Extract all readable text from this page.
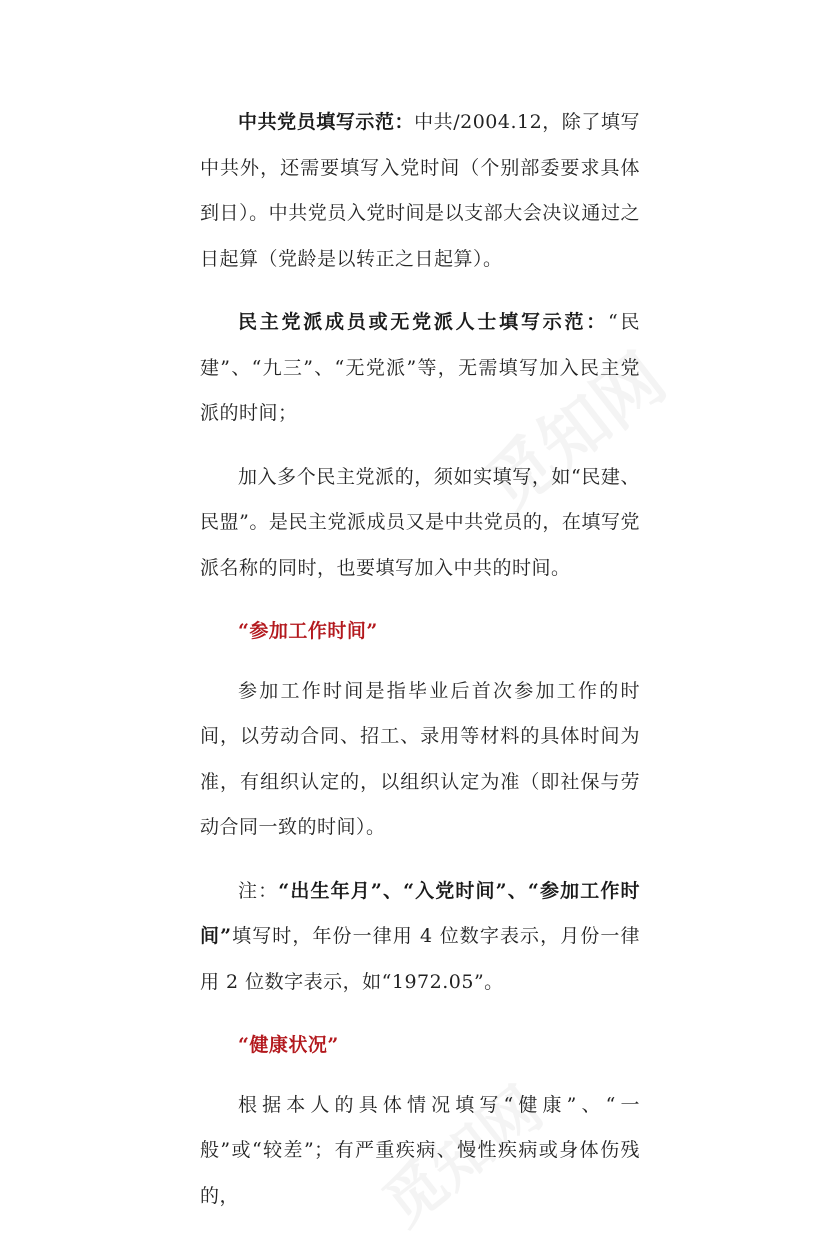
中共党员填写示范：中共/2004.12，除了填写中共外，还需要填写入党时间（个别部委要求具体到日）。中共党员入党时间是以支部大会决议通过之日起算（党龄是以转正之日起算）。

民主党派成员或无党派人士填写示范：“民建”、“九三”、“无党派”等，无需填写加入民主党派的时间；

加入多个民主党派的，须如实填写，如“民建、民盟”。是民主党派成员又是中共党员的，在填写党派名称的同时，也要填写加入中共的时间。

“参加工作时间”

参加工作时间是指毕业后首次参加工作的时间，以劳动合同、招工、录用等材料的具体时间为准，有组织认定的，以组织认定为准（即社保与劳动合同一致的时间）。

注：“出生年月”、“入党时间”、“参加工作时间”填写时，年份一律用 4 位数字表示，月份一律用 2 位数字表示，如“1972.05”。

“健康状况”

根据本人的具体情况填写“健康”、“一般”或“较差”；有严重疾病、慢性疾病或身体伤残的，
